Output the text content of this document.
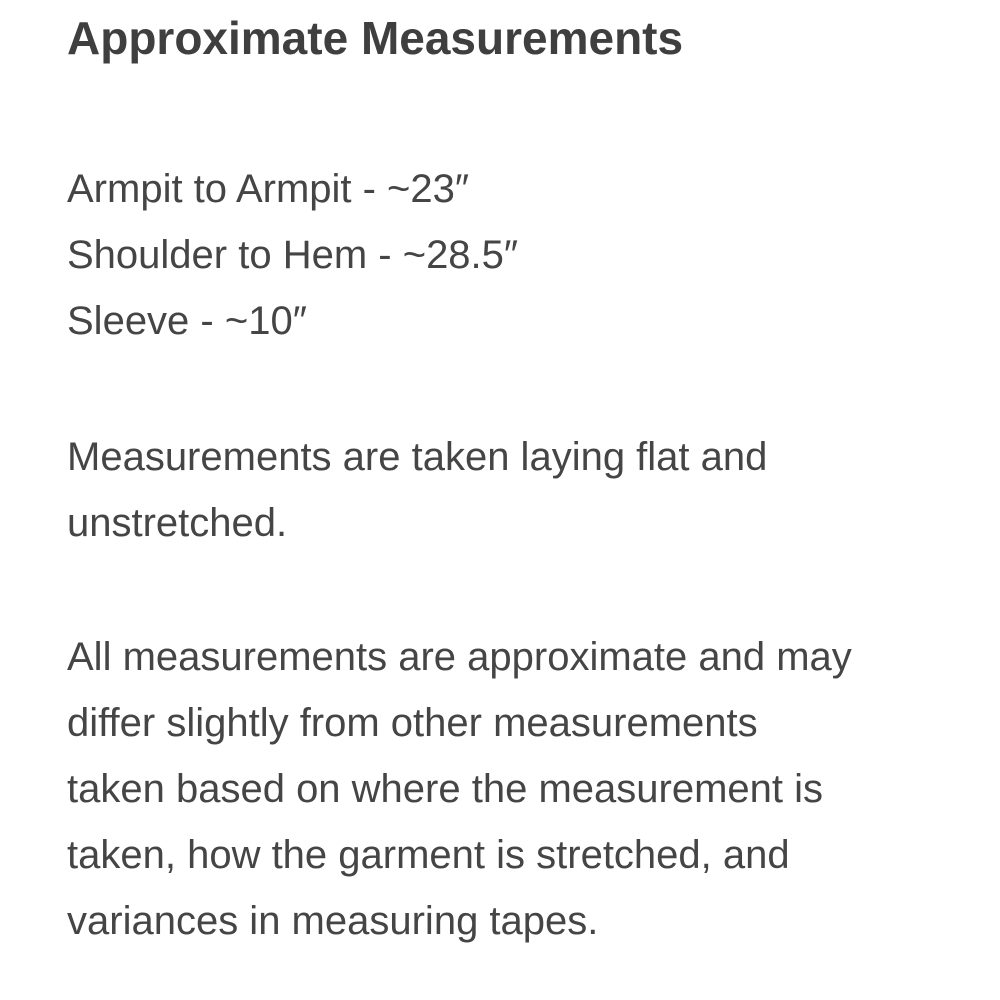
Approximate Measurements
Armpit to Armpit - ~23″
Shoulder to Hem - ~28.5″
Sleeve - ~10″
Measurements are taken laying flat and
unstretched.
All measurements are approximate and may
differ slightly from other measurements
taken based on where the measurement is
taken, how the garment is stretched, and
variances in measuring tapes.
